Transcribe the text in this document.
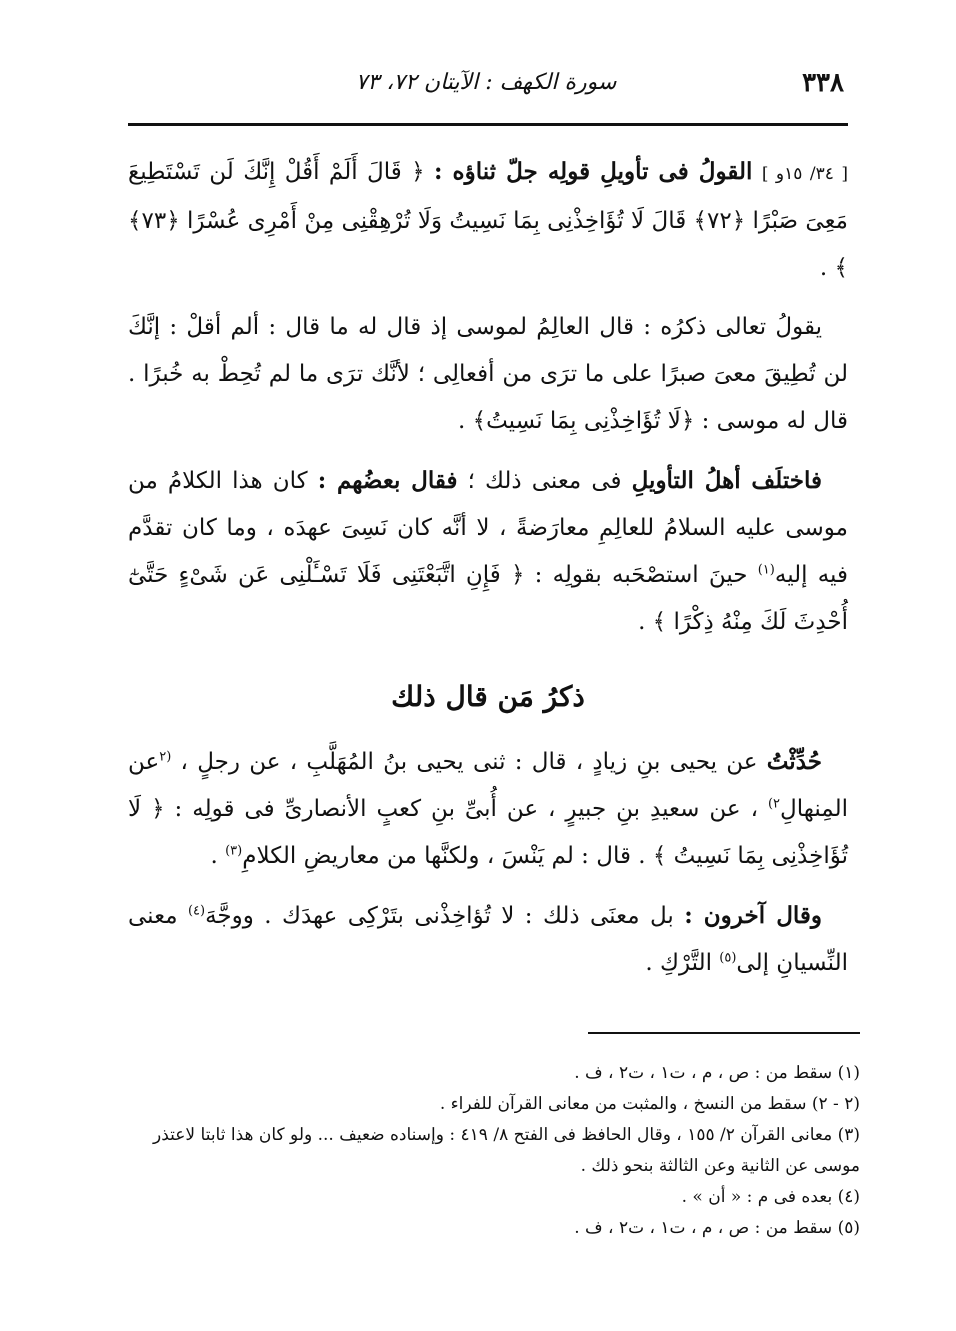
٣٣٨
سورة الكهف : الآيتان ٧٢، ٧٣

[ ٣٤/ ١٥و ] القولُ فى تأويلِ قولِه جلّ ثناؤه : ﴿ قَالَ أَلَمْ أَقُلْ إِنَّكَ لَن تَسْتَطِيعَ مَعِىَ صَبْرًا ﴿٧٢﴾ قَالَ لَا تُؤَاخِذْنِى بِمَا نَسِيتُ وَلَا تُرْهِقْنِى مِنْ أَمْرِى عُسْرًا ﴿٧٣﴾ ﴾ .

يقولُ تعالى ذكرُه : قال العالِمُ لموسى إذ قال له ما قال : ألم أقلْ : إنَّكَ لن تُطِيقَ معىَ صبرًا على ما ترَى من أفعالِى ؛ لأنَّك ترَى ما لم تُحِطْ به خُبرًا . قال له موسى : ﴿لَا تُؤَاخِذْنِى بِمَا نَسِيتُ﴾ .

فاختلَف أهلُ التأويلِ فى معنى ذلك ؛ فقال بعضُهم : كان هذا الكلامُ من موسى عليه السلامُ للعالِمِ معارَضةً ، لا أنَّه كان نَسِىَ عهدَه ، وما كان تقدَّم فيه إليه$^{(١)}$ حينَ استصْحَبه بقولِه : ﴿ فَإِنِ اتَّبَعْتَنِى فَلَا تَسْـَٔلْنِى عَن شَىْءٍ حَتَّىٰٓ أُحْدِثَ لَكَ مِنْهُ ذِكْرًا ﴾ .

ذكرُ مَن قال ذلك

حُدِّثْتُ عن يحيى بنِ زيادٍ ، قال : ثنى يحيى بنُ المُهَلَّبِ ، عن رجلٍ ، $^{(٢}$عن المِنهالِ$^{٢)}$ ، عن سعيدِ بنِ جبيرٍ ، عن أُبىِّ بنِ كعبٍ الأنصارىِّ فى قولِه : ﴿ لَا تُؤَاخِذْنِى بِمَا نَسِيتُ ﴾ . قال : لم يَنْسَ ، ولكنَّها من معاريضِ الكلامِ$^{(٣)}$ .

وقال آخرون : بل معنَى ذلك : لا تُؤاخِذْنى بتَرْكِى عهدَك . ووجَّهَ$^{(٤)}$ معنى النِّسيانِ إلى$^{(٥)}$ التَّرْكِ .

(١) سقط من : ص ، م ، ت١ ، ت٢ ، ف .

(٢ - ٢) سقط من النسخ ، والمثبت من معانى القرآن للفراء .

(٣) معانى القرآن ٢/ ١٥٥ ، وقال الحافظ فى الفتح ٨/ ٤١٩ : وإسناده ضعيف ... ولو كان هذا ثابتا لاعتذر موسى عن الثانية وعن الثالثة بنحو ذلك .

(٤) بعده فى م : « أن » .

(٥) سقط من : ص ، م ، ت١ ، ت٢ ، ف .
